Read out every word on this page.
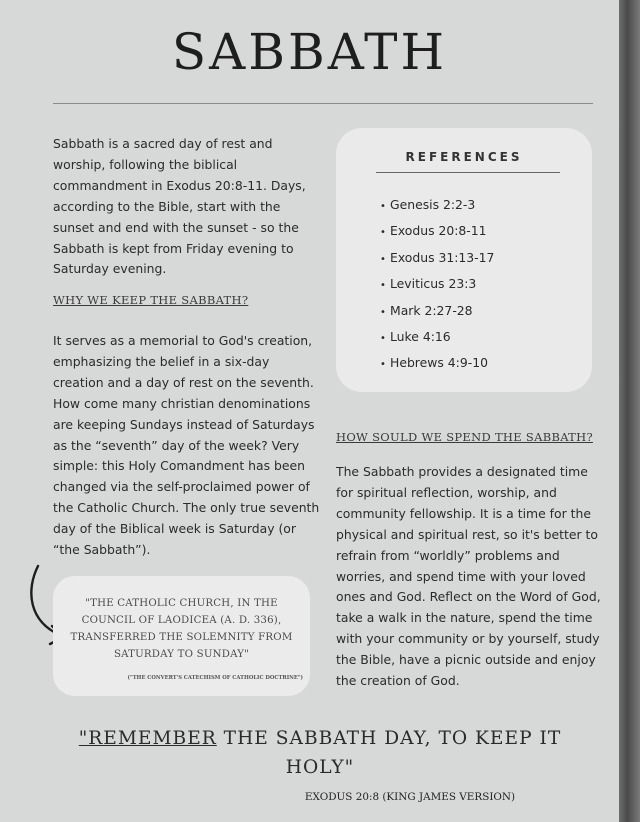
SABBATH

Sabbath is a sacred day of rest and worship, following the biblical commandment in Exodus 20:8-11. Days, according to the Bible, start with the sunset and end with the sunset - so the Sabbath is kept from Friday evening to Saturday evening.

WHY WE KEEP THE SABBATH?

It serves as a memorial to God's creation, emphasizing the belief in a six-day creation and a day of rest on the seventh. How come many christian denominations are keeping Sundays instead of Saturdays as the “seventh” day of the week? Very simple: this Holy Comandment has been changed via the self-proclaimed power of the Catholic Church. The only true seventh day of the Biblical week is Saturday (or “the Sabbath”).

REFERENCES
• Genesis 2:2-3
• Exodus 20:8-11
• Exodus 31:13-17
• Leviticus 23:3
• Mark 2:27-28
• Luke 4:16
• Hebrews 4:9-10
HOW SOULD WE SPEND THE SABBATH?

The Sabbath provides a designated time for spiritual reflection, worship, and community fellowship. It is a time for the physical and spiritual rest, so it's better to refrain from “worldly” problems and worries, and spend time with your loved ones and God. Reflect on the Word of God, take a walk in the nature, spend the time with your community or by yourself, study the Bible, have a picnic outside and enjoy the creation of God.

"THE CATHOLIC CHURCH, IN THE COUNCIL OF LAODICEA (A. D. 336), TRANSFERRED THE SOLEMNITY FROM SATURDAY TO SUNDAY"
("THE CONVERT'S CATECHISM OF CATHOLIC DOCTRINE")
"REMEMBER THE SABBATH DAY, TO KEEP IT HOLY"
EXODUS 20:8 (KING JAMES VERSION)
